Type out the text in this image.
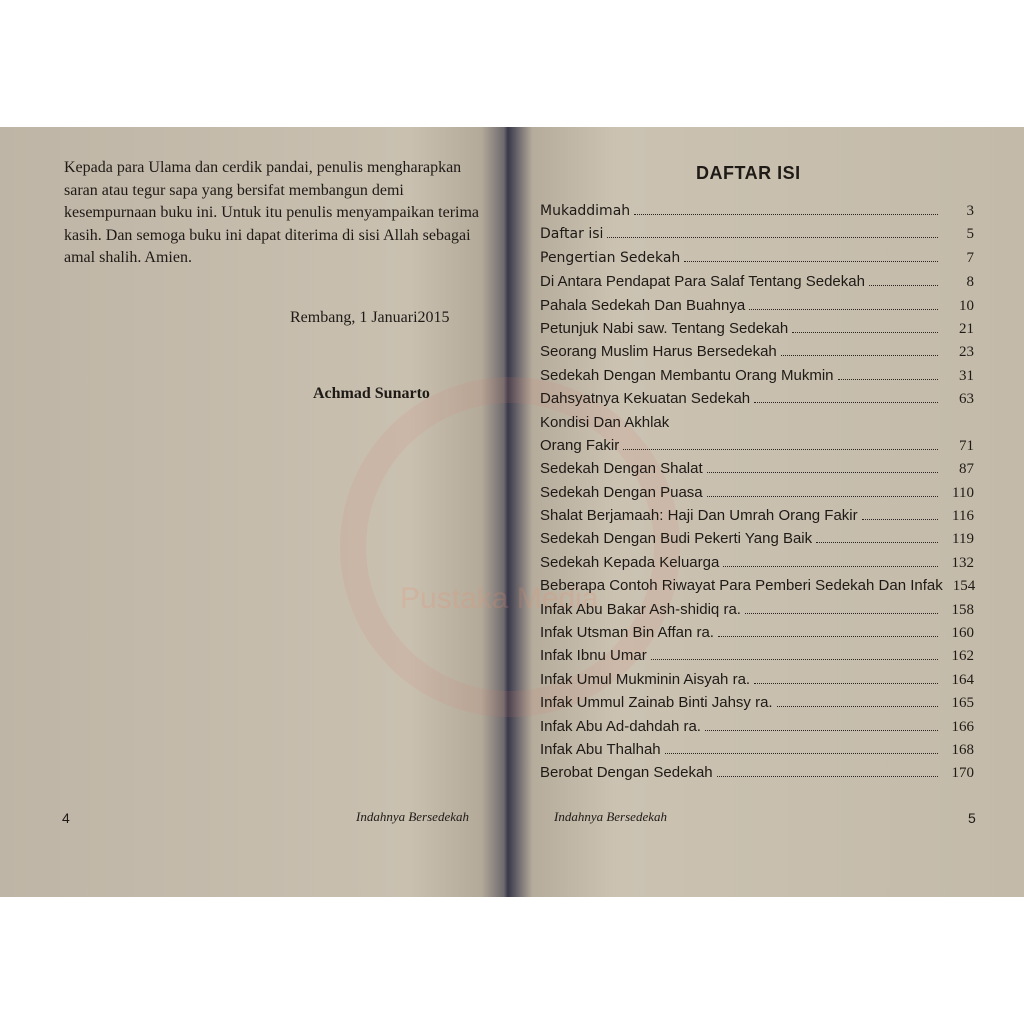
Pustaka Media

Kepada para Ulama dan cerdik pandai, penulis mengharapkan saran atau tegur sapa yang bersifat membangun demi kesempurnaan buku ini. Untuk itu penulis menyampaikan terima kasih. Dan semoga buku ini dapat diterima di sisi Allah sebagai amal shalih. Amien.

Rembang, 1 Januari2015

Achmad Sunarto

4	Indahnya Bersedekah
DAFTAR ISI
Mukaddimah	3
Daftar isi	5
Pengertian Sedekah	7
Di Antara Pendapat Para Salaf Tentang Sedekah	8
Pahala Sedekah Dan Buahnya	10
Petunjuk Nabi saw. Tentang Sedekah	21
Seorang Muslim Harus Bersedekah	23
Sedekah Dengan Membantu Orang Mukmin	31
Dahsyatnya Kekuatan Sedekah	63
Kondisi Dan Akhlak
Orang Fakir	71
Sedekah Dengan Shalat	87
Sedekah Dengan Puasa	110
Shalat Berjamaah: Haji Dan Umrah Orang Fakir	116
Sedekah Dengan Budi Pekerti Yang Baik	119
Sedekah Kepada Keluarga	132
Beberapa Contoh Riwayat Para Pemberi Sedekah Dan Infak 154
Infak Abu Bakar Ash-shidiq ra.	158
Infak Utsman Bin Affan ra.	160
Infak Ibnu Umar	162
Infak Umul Mukminin Aisyah ra.	164
Infak Ummul Zainab Binti Jahsy ra.	165
Infak Abu Ad-dahdah ra.	166
Infak Abu Thalhah	168
Berobat Dengan Sedekah	170
Indahnya Bersedekah	5
